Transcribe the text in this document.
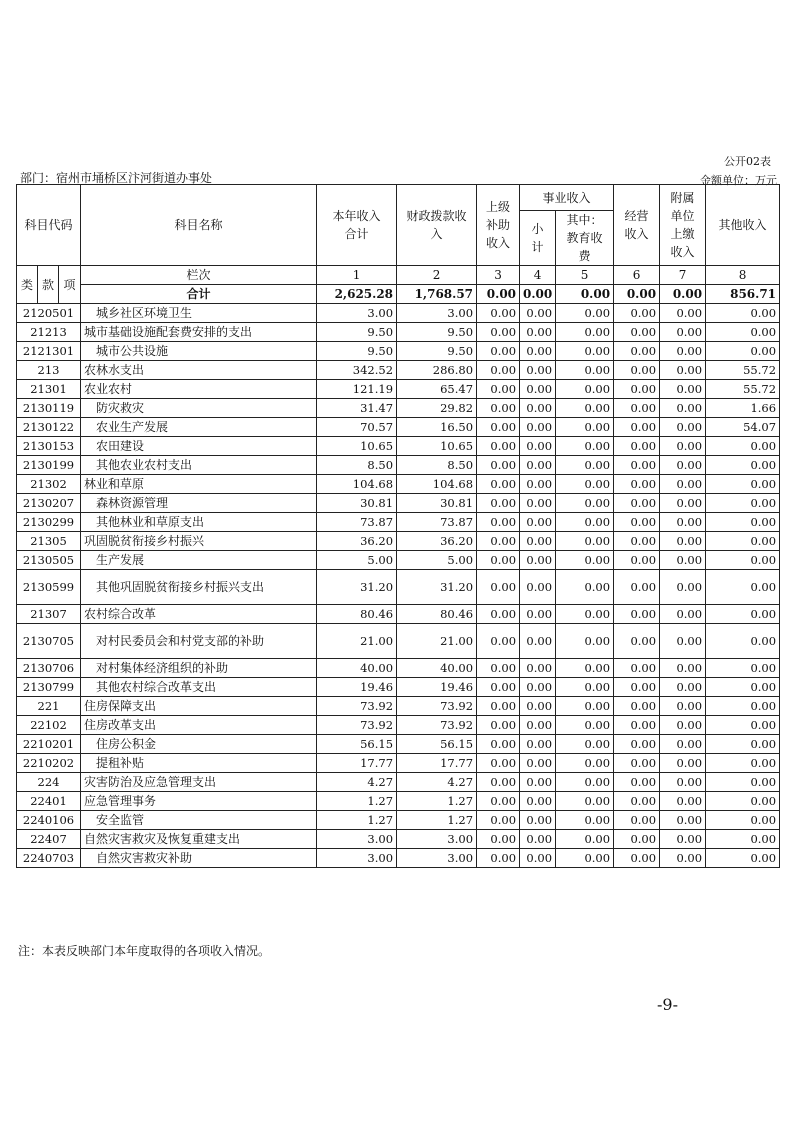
公开02表
部门：宿州市埇桥区汴河街道办事处	金额单位：万元
科目代码			科目名称	本年收入合计	财政拨款收入	上级补助收入	事业收入		经营收入	附属单位上缴收入	其他收入
							小计	其中：教育收费			
类	款	项	栏次	1	2	3	4	5	6	7	8
			合计	2,625.28	1,768.57	0.00	0.00	0.00	0.00	0.00	856.71
2120501			城乡社区环境卫生	3.00	3.00	0.00	0.00	0.00	0.00	0.00	0.00
21213			城市基础设施配套费安排的支出	9.50	9.50	0.00	0.00	0.00	0.00	0.00	0.00
2121301			城市公共设施	9.50	9.50	0.00	0.00	0.00	0.00	0.00	0.00
213			农林水支出	342.52	286.80	0.00	0.00	0.00	0.00	0.00	55.72
21301			农业农村	121.19	65.47	0.00	0.00	0.00	0.00	0.00	55.72
2130119			防灾救灾	31.47	29.82	0.00	0.00	0.00	0.00	0.00	1.66
2130122			农业生产发展	70.57	16.50	0.00	0.00	0.00	0.00	0.00	54.07
2130153			农田建设	10.65	10.65	0.00	0.00	0.00	0.00	0.00	0.00
2130199			其他农业农村支出	8.50	8.50	0.00	0.00	0.00	0.00	0.00	0.00
21302			林业和草原	104.68	104.68	0.00	0.00	0.00	0.00	0.00	0.00
2130207			森林资源管理	30.81	30.81	0.00	0.00	0.00	0.00	0.00	0.00
2130299			其他林业和草原支出	73.87	73.87	0.00	0.00	0.00	0.00	0.00	0.00
21305			巩固脱贫衔接乡村振兴	36.20	36.20	0.00	0.00	0.00	0.00	0.00	0.00
2130505			生产发展	5.00	5.00	0.00	0.00	0.00	0.00	0.00	0.00
2130599			其他巩固脱贫衔接乡村振兴支出	31.20	31.20	0.00	0.00	0.00	0.00	0.00	0.00
21307			农村综合改革	80.46	80.46	0.00	0.00	0.00	0.00	0.00	0.00
2130705			对村民委员会和村党支部的补助	21.00	21.00	0.00	0.00	0.00	0.00	0.00	0.00
2130706			对村集体经济组织的补助	40.00	40.00	0.00	0.00	0.00	0.00	0.00	0.00
2130799			其他农村综合改革支出	19.46	19.46	0.00	0.00	0.00	0.00	0.00	0.00
221			住房保障支出	73.92	73.92	0.00	0.00	0.00	0.00	0.00	0.00
22102			住房改革支出	73.92	73.92	0.00	0.00	0.00	0.00	0.00	0.00
2210201			住房公积金	56.15	56.15	0.00	0.00	0.00	0.00	0.00	0.00
2210202			提租补贴	17.77	17.77	0.00	0.00	0.00	0.00	0.00	0.00
224			灾害防治及应急管理支出	4.27	4.27	0.00	0.00	0.00	0.00	0.00	0.00
22401			应急管理事务	1.27	1.27	0.00	0.00	0.00	0.00	0.00	0.00
2240106			安全监管	1.27	1.27	0.00	0.00	0.00	0.00	0.00	0.00
22407			自然灾害救灾及恢复重建支出	3.00	3.00	0.00	0.00	0.00	0.00	0.00	0.00
2240703			自然灾害救灾补助	3.00	3.00	0.00	0.00	0.00	0.00	0.00	0.00
注：本表反映部门本年度取得的各项收入情况。
-9-
